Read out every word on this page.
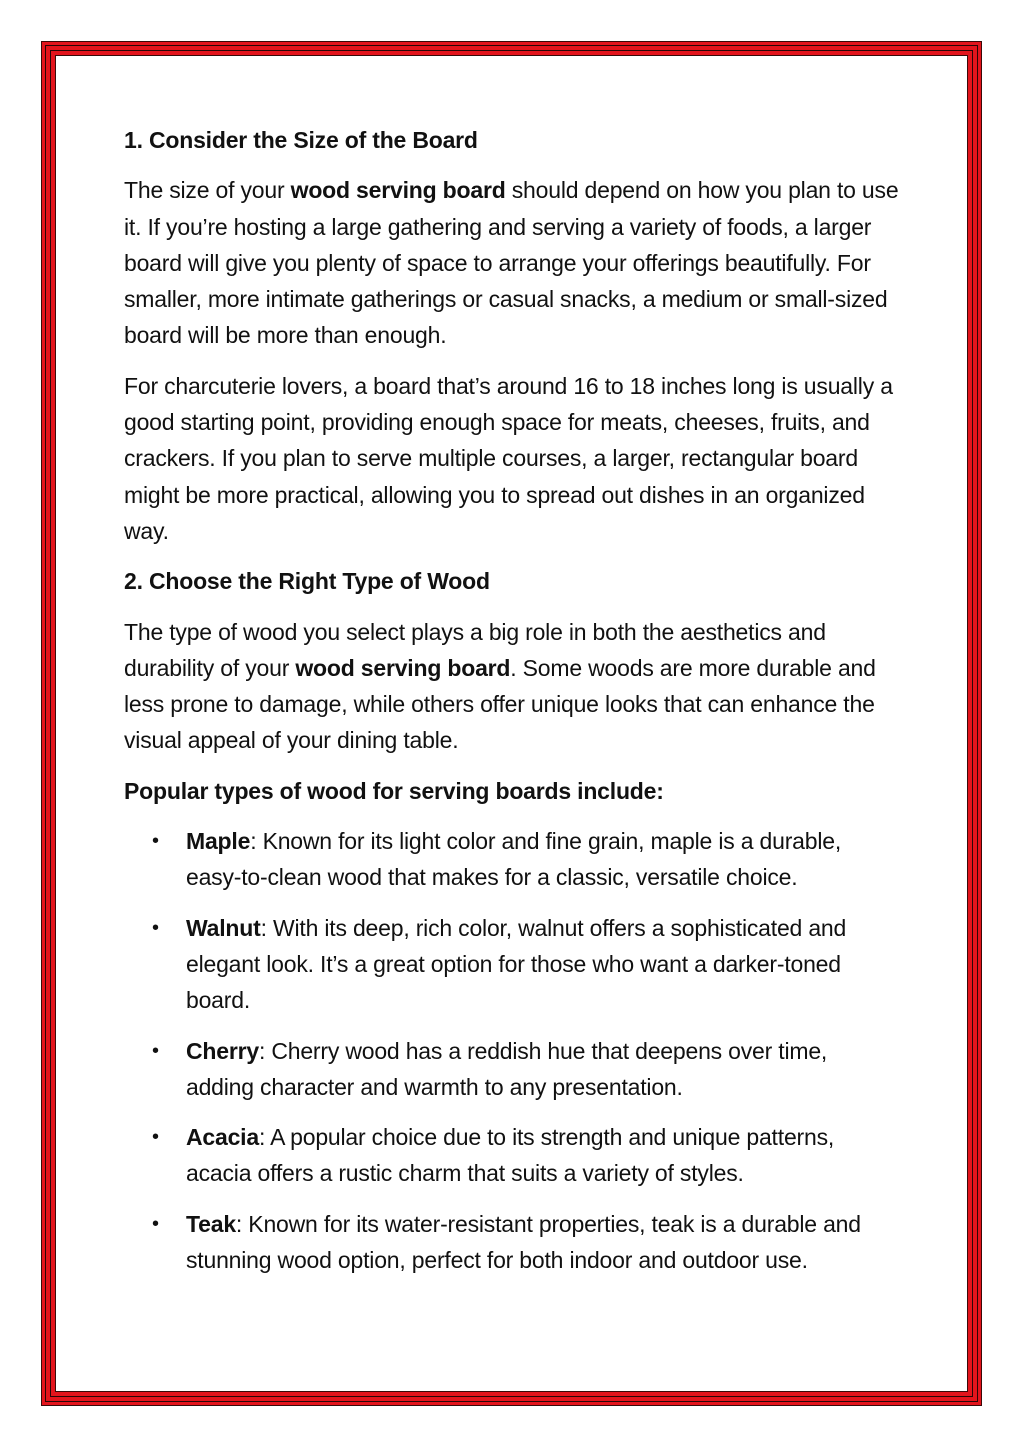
1. Consider the Size of the Board

The size of your wood serving board should depend on how you plan to use it. If you’re hosting a large gathering and serving a variety of foods, a larger board will give you plenty of space to arrange your offerings beautifully. For smaller, more intimate gatherings or casual snacks, a medium or small-sized board will be more than enough.

For charcuterie lovers, a board that’s around 16 to 18 inches long is usually a good starting point, providing enough space for meats, cheeses, fruits, and crackers. If you plan to serve multiple courses, a larger, rectangular board might be more practical, allowing you to spread out dishes in an organized way.

2. Choose the Right Type of Wood

The type of wood you select plays a big role in both the aesthetics and durability of your wood serving board. Some woods are more durable and less prone to damage, while others offer unique looks that can enhance the visual appeal of your dining table.

Popular types of wood for serving boards include:

• Maple: Known for its light color and fine grain, maple is a durable, easy-to-clean wood that makes for a classic, versatile choice.
• Walnut: With its deep, rich color, walnut offers a sophisticated and elegant look. It’s a great option for those who want a darker-toned board.
• Cherry: Cherry wood has a reddish hue that deepens over time, adding character and warmth to any presentation.
• Acacia: A popular choice due to its strength and unique patterns, acacia offers a rustic charm that suits a variety of styles.
• Teak: Known for its water-resistant properties, teak is a durable and stunning wood option, perfect for both indoor and outdoor use.
